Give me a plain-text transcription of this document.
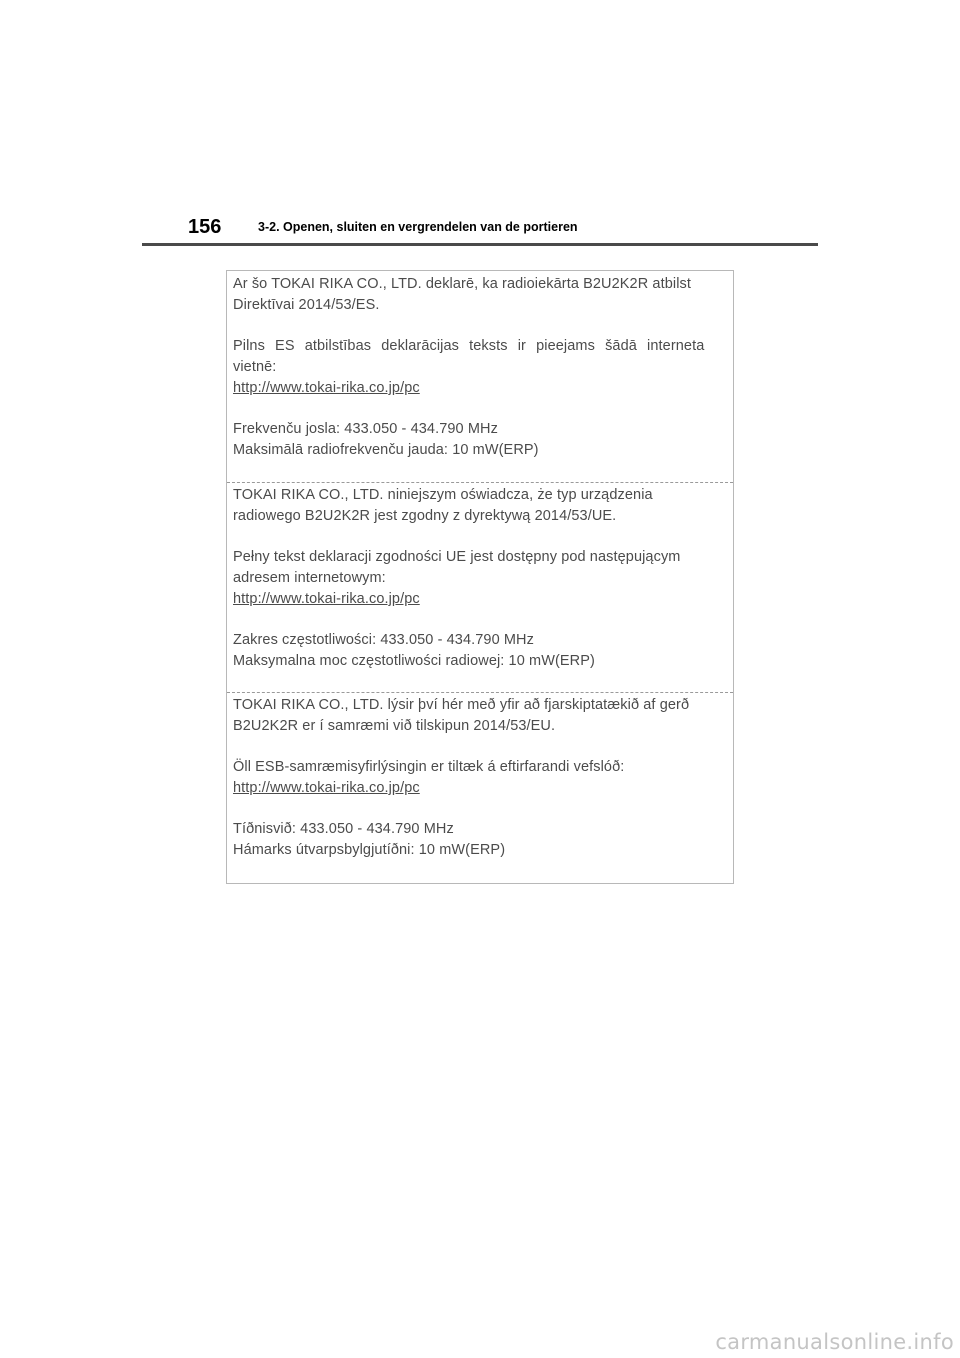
156	3-2. Openen, sluiten en vergrendelen van de portieren
Ar šo TOKAI RIKA CO., LTD. deklarē, ka radioiekārta B2U2K2R atbilst
Direktīvai 2014/53/ES.
Pilns ES atbilstības deklarācijas teksts ir pieejams šādā interneta
vietnē:
http://www.tokai-rika.co.jp/pc
Frekvenču josla: 433.050 - 434.790 MHz
Maksimālā radiofrekvenču jauda: 10 mW(ERP)
TOKAI RIKA CO., LTD. niniejszym oświadcza, że typ urządzenia
radiowego B2U2K2R jest zgodny z dyrektywą 2014/53/UE.
Pełny tekst deklaracji zgodności UE jest dostępny pod następującym
adresem internetowym:
http://www.tokai-rika.co.jp/pc
Zakres częstotliwości: 433.050 - 434.790 MHz
Maksymalna moc częstotliwości radiowej: 10 mW(ERP)
TOKAI RIKA CO., LTD. lýsir því hér með yfir að fjarskiptatækið af gerð
B2U2K2R er í samræmi við tilskipun 2014/53/EU.
Öll ESB-samræmisyfirlýsingin er tiltæk á eftirfarandi vefslóð:
http://www.tokai-rika.co.jp/pc
Tíðnisvið: 433.050 - 434.790 MHz
Hámarks útvarpsbylgjutíðni: 10 mW(ERP)
carmanualsonline.info
